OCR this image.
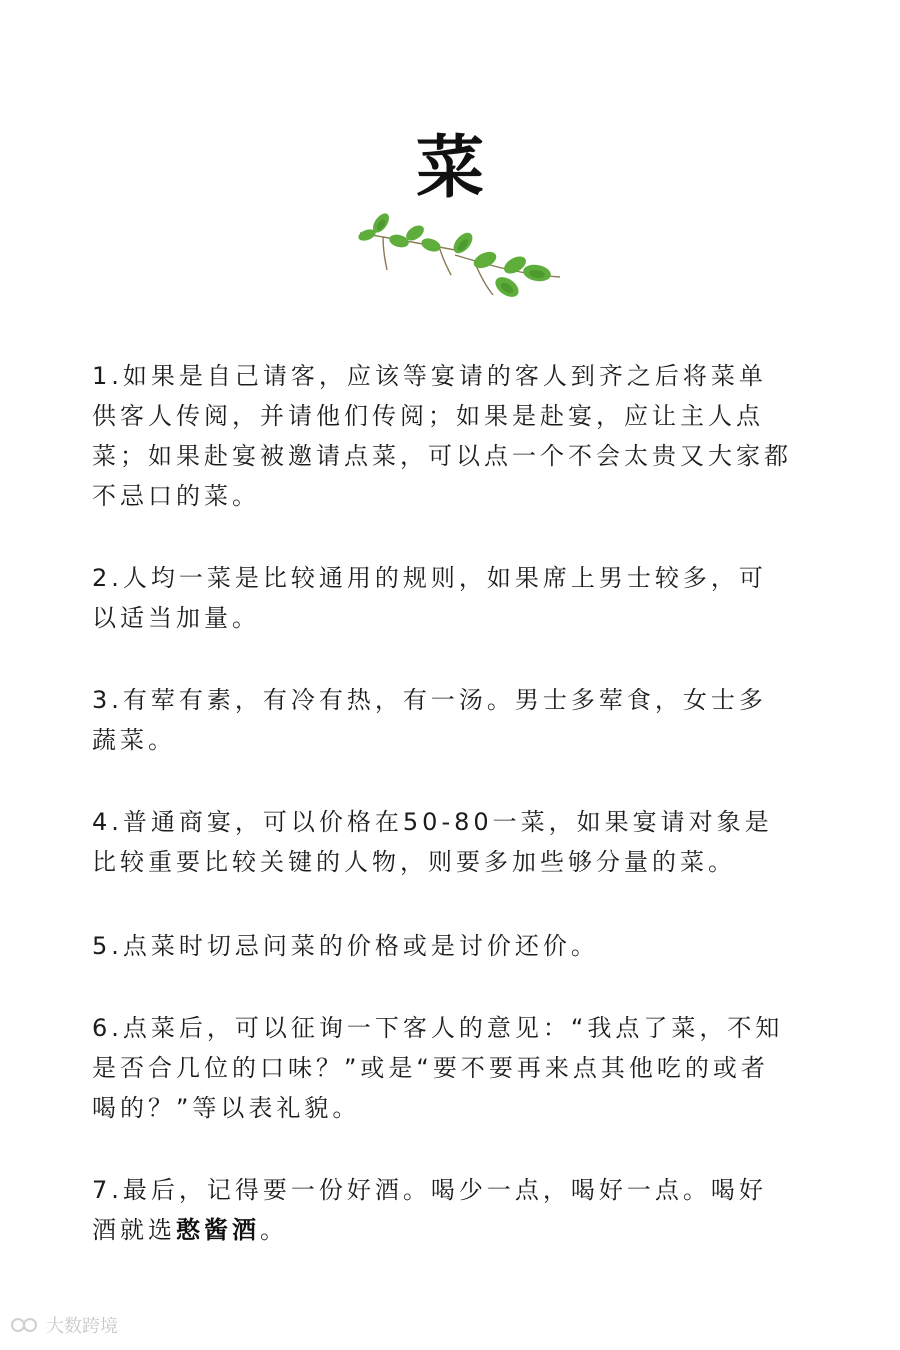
菜

1.如果是自己请客，应该等宴请的客人到齐之后将菜单供客人传阅，并请他们传阅；如果是赴宴，应让主人点菜；如果赴宴被邀请点菜，可以点一个不会太贵又大家都不忌口的菜。

2.人均一菜是比较通用的规则，如果席上男士较多，可以适当加量。

3.有荤有素，有冷有热，有一汤。男士多荤食，女士多蔬菜。

4.普通商宴，可以价格在50-80一菜，如果宴请对象是比较重要比较关键的人物，则要多加些够分量的菜。

5.点菜时切忌问菜的价格或是讨价还价。

6.点菜后，可以征询一下客人的意见：“我点了菜，不知是否合几位的口味？”或是“要不要再来点其他吃的或者喝的？”等以表礼貌。

7.最后，记得要一份好酒。喝少一点，喝好一点。喝好酒就选憨酱酒。

大数跨境
